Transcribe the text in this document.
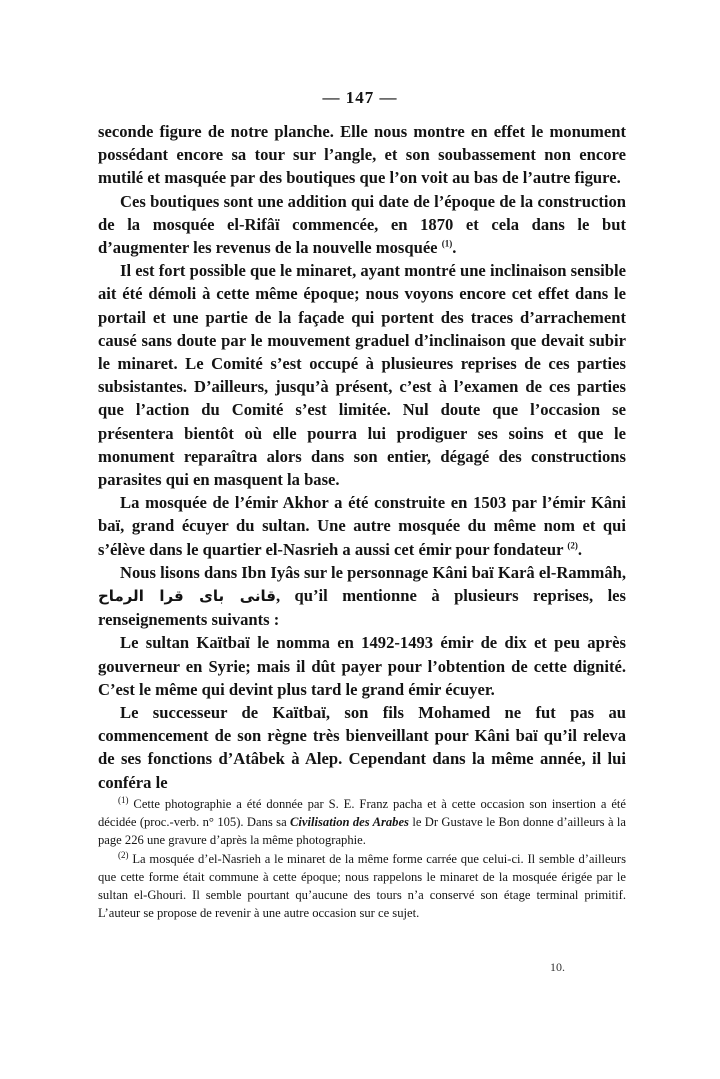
— 147 —

seconde figure de notre planche. Elle nous montre en effet le monument possédant encore sa tour sur l’angle, et son soubassement non encore mutilé et masquée par des boutiques que l’on voit au bas de l’autre figure.

Ces boutiques sont une addition qui date de l’époque de la construction de la mosquée el-Rifâï commencée, en 1870 et cela dans le but d’augmenter les revenus de la nouvelle mosquée $^{(1)}$.

Il est fort possible que le minaret, ayant montré une inclinaison sensible ait été démoli à cette même époque; nous voyons encore cet effet dans le portail et une partie de la façade qui portent des traces d’arrachement causé sans doute par le mouvement graduel d’inclinaison que devait subir le minaret. Le Comité s’est occupé à plusieures reprises de ces parties subsistantes. D’ailleurs, jusqu’à présent, c’est à l’examen de ces parties que l’action du Comité s’est limitée. Nul doute que l’occasion se présentera bientôt où elle pourra lui prodiguer ses soins et que le monument reparaîtra alors dans son entier, dégagé des constructions parasites qui en masquent la base.

La mosquée de l’émir Akhor a été construite en 1503 par l’émir Kâni baï, grand écuyer du sultan. Une autre mosquée du même nom et qui s’élève dans le quartier el-Nasrieh a aussi cet émir pour fondateur $^{(2)}$.

Nous lisons dans Ibn Iyâs sur le personnage Kâni baï Karâ el-Rammâh, قانى باى قرا الرماح, qu’il mentionne à plusieurs reprises, les renseignements suivants :

Le sultan Kaïtbaï le nomma en 1492-1493 émir de dix et peu après gouverneur en Syrie; mais il dût payer pour l’obtention de cette dignité. C’est le même qui devint plus tard le grand émir écuyer.

Le successeur de Kaïtbaï, son fils Mohamed ne fut pas au commencement de son règne très bienveillant pour Kâni baï qu’il releva de ses fonctions d’Atâbek à Alep. Cependant dans la même année, il lui conféra le

$^{(1)}$ Cette photographie a été donnée par S. E. Franz pacha et à cette occasion son insertion a été décidée (proc.-verb. n° 105). Dans sa Civilisation des Arabes le Dr Gustave le Bon donne d’ailleurs à la page 226 une gravure d’après la même photographie.

$^{(2)}$ La mosquée d’el-Nasrieh a le minaret de la même forme carrée que celui-ci. Il semble d’ailleurs que cette forme était commune à cette époque; nous rappelons le minaret de la mosquée érigée par le sultan el-Ghouri. Il semble pourtant qu’aucune des tours n’a conservé son étage terminal primitif. L’auteur se propose de revenir à une autre occasion sur ce sujet.

10.
